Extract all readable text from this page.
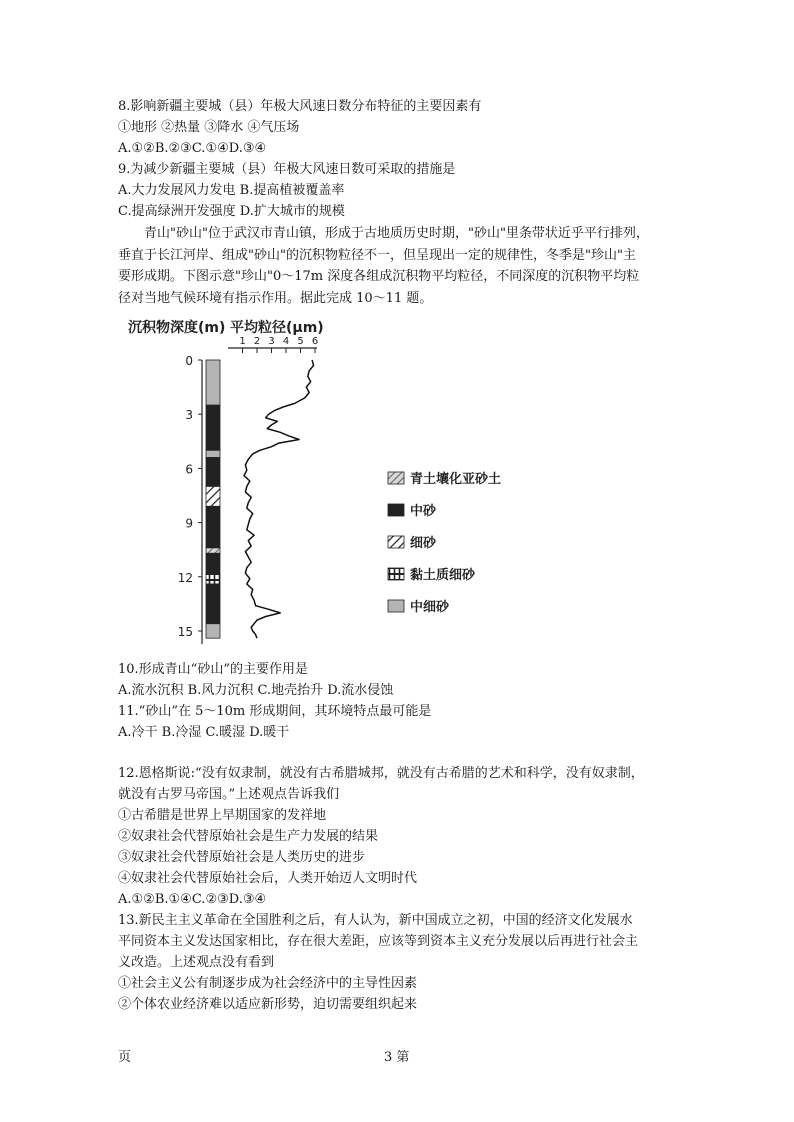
8.影响新疆主要城（县）年极大风速日数分布特征的主要因素有
①地形 ②热量 ③降水 ④气压场
A.①②B.②③C.①④D.③④
9.为减少新疆主要城（县）年极大风速日数可采取的措施是
A.大力发展风力发电 B.提高植被覆盖率
C.提高绿洲开发强度 D.扩大城市的规模
青山"砂山"位于武汉市青山镇，形成于古地质历史时期，"砂山"里条带状近乎平行排列，
垂直于长江河岸、组成"砂山"的沉积物粒径不一，但呈现出一定的规律性，冬季是"珍山"主
要形成期。下图示意"珍山"0～17m 深度各组成沉积物平均粒径，不同深度的沉积物平均粒
径对当地气候环境有指示作用。据此完成 10～11 题。
沉积物深度(m) 平均粒径(μm)
0
3
6
9
12
15
1 2 3 4 5 6
青土壤化亚砂土
中砂
细砂
黏土质细砂
中细砂
10.形成青山“砂山”的主要作用是
A.流水沉积 B.风力沉积 C.地壳抬升 D.流水侵蚀
11.“砂山”在 5～10m 形成期间，其环境特点最可能是
A.冷干 B.冷湿 C.暖湿 D.暖干
12.恩格斯说:“没有奴隶制，就没有古希腊城邦，就没有古希腊的艺术和科学，没有奴隶制，
就没有古罗马帝国。”上述观点告诉我们
①古希腊是世界上早期国家的发祥地
②奴隶社会代替原始社会是生产力发展的结果
③奴隶社会代替原始社会是人类历史的进步
④奴隶社会代替原始社会后，人类开始迈人文明时代
A.①②B.①④C.②③D.③④
13.新民主主义革命在全国胜利之后，有人认为，新中国成立之初，中国的经济文化发展水
平同资本主义发达国家相比，存在很大差距，应该等到资本主义充分发展以后再进行社会主
义改造。上述观点没有看到
①社会主义公有制逐步成为社会经济中的主导性因素
②个体农业经济难以适应新形势，迫切需要组织起来
页	3 第
